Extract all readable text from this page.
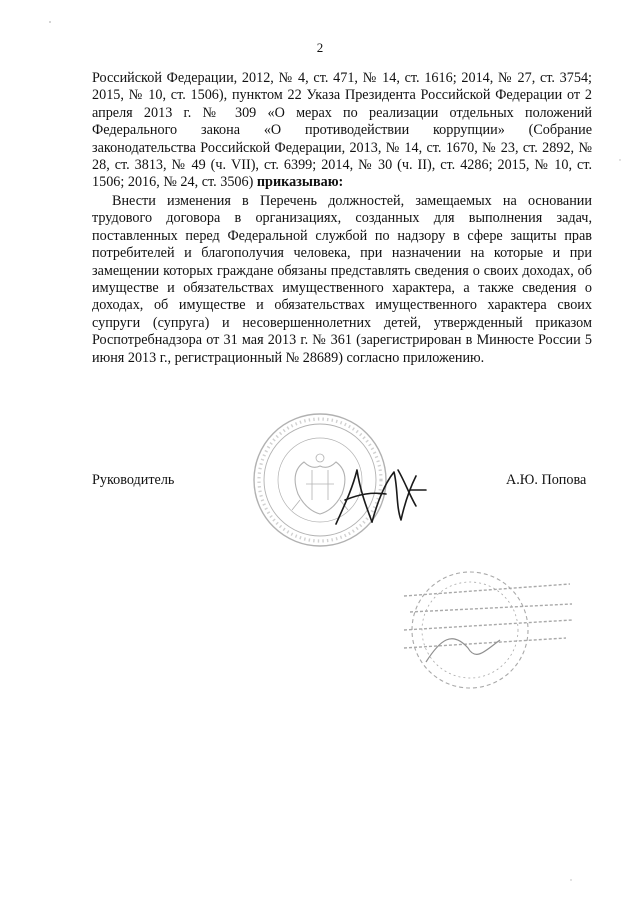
2
Российской Федерации, 2012, № 4, ст. 471, № 14, ст. 1616; 2014, № 27, ст. 3754; 2015, № 10, ст. 1506), пунктом 22 Указа Президента Российской Федерации от 2 апреля 2013 г. № 309 «О мерах по реализации отдельных положений Федерального закона «О противодействии коррупции» (Собрание законодательства Российской Федерации, 2013, № 14, ст. 1670, № 23, ст. 2892, № 28, ст. 3813, № 49 (ч. VII), ст. 6399; 2014, № 30 (ч. II), ст. 4286; 2015, № 10, ст. 1506; 2016, № 24, ст. 3506) приказываю:
Внести изменения в Перечень должностей, замещаемых на основании трудового договора в организациях, созданных для выполнения задач, поставленных перед Федеральной службой по надзору в сфере защиты прав потребителей и благополучия человека, при назначении на которые и при замещении которых граждане обязаны представлять сведения о своих доходах, об имуществе и обязательствах имущественного характера, а также сведения о доходах, об имуществе и обязательствах имущественного характера своих супруги (супруга) и несовершеннолетних детей, утвержденный приказом Роспотребнадзора от 31 мая 2013 г. № 361 (зарегистрирован в Минюсте России 5 июня 2013 г., регистрационный № 28689) согласно приложению.
Руководитель	А.Ю. Попова
